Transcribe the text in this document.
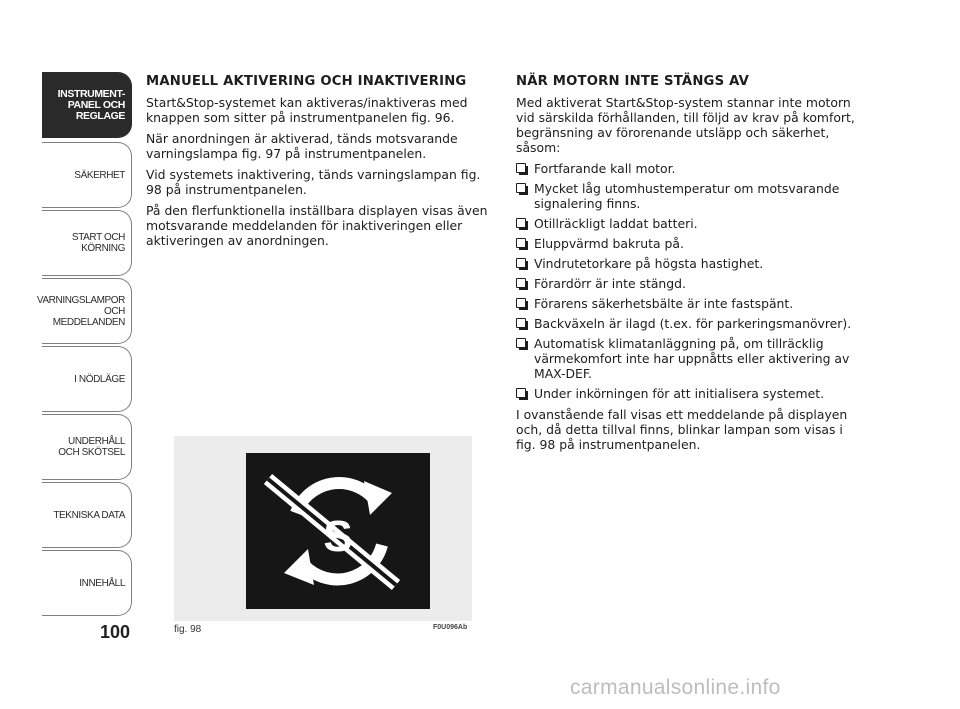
INSTRUMENT-
PANEL OCH
REGLAGE
SÄKERHET
START OCH
KÖRNING
VARNINGSLAMPOR
OCH
MEDDELANDEN
I NÖDLÄGE
UNDERHÅLL
OCH SKÖTSEL
TEKNISKA DATA
INNEHÅLL
100
MANUELL AKTIVERING OCH INAKTIVERING

Start&Stop-systemet kan aktiveras/inaktiveras med knappen som sitter på instrumentpanelen fig. 96.

När anordningen är aktiverad, tänds motsvarande varningslampa fig. 97 på instrumentpanelen.

Vid systemets inaktivering, tänds varningslampan fig. 98 på instrumentpanelen.

På den flerfunktionella inställbara displayen visas även motsvarande meddelanden för inaktiveringen eller aktiveringen av anordningen.

NÄR MOTORN INTE STÄNGS AV

Med aktiverat Start&Stop-system stannar inte motorn vid särskilda förhållanden, till följd av krav på komfort, begränsning av förorenande utsläpp och säkerhet, såsom:

Fortfarande kall motor.
Mycket låg utomhustemperatur om motsvarande signalering finns.
Otillräckligt laddat batteri.
Eluppvärmd bakruta på.
Vindrutetorkare på högsta hastighet.
Förardörr är inte stängd.
Förarens säkerhetsbälte är inte fastspänt.
Backväxeln är ilagd (t.ex. för parkeringsmanövrer).
Automatisk klimatanläggning på, om tillräcklig värmekomfort inte har uppnåtts eller aktivering av MAX-DEF.
Under inkörningen för att initialisera systemet.

I ovanstående fall visas ett meddelande på displayen och, då detta tillval finns, blinkar lampan som visas i fig. 98 på instrumentpanelen.

S
fig. 98	F0U096Ab
carmanualsonline.info
